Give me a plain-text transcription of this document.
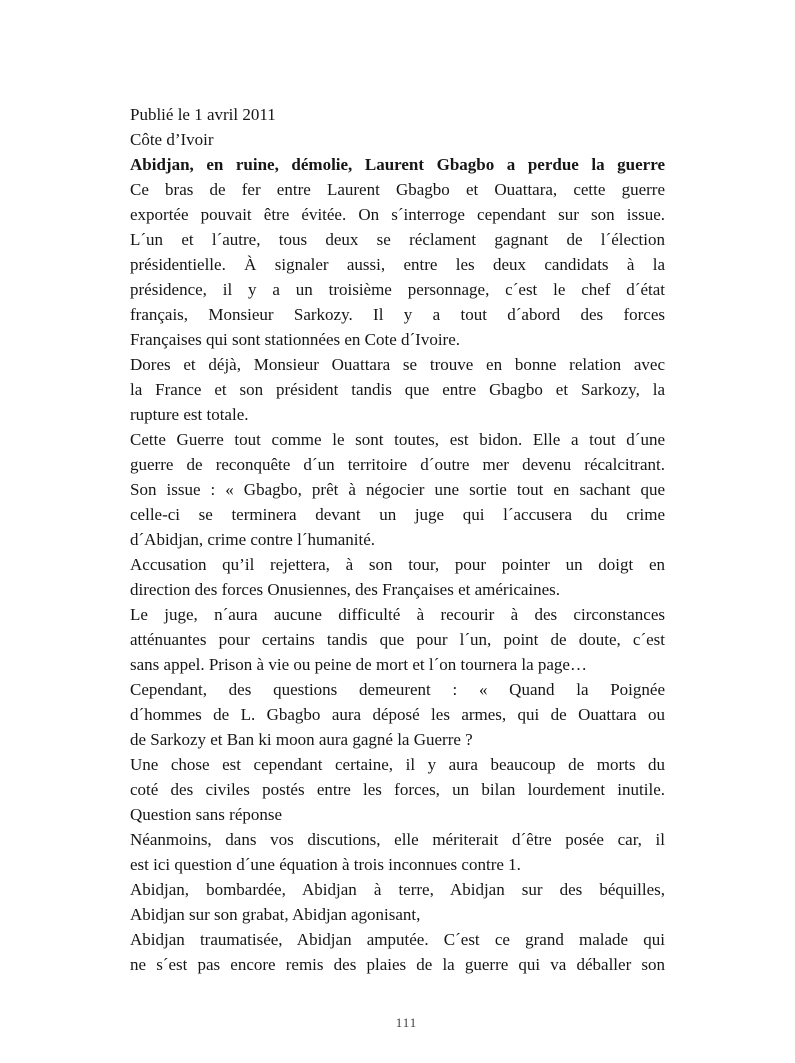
Publié le 1 avril 2011
Côte d’Ivoir
Abidjan, en ruine, démolie, Laurent Gbagbo a perdue la guerre
Ce bras de fer entre Laurent Gbagbo et Ouattara, cette guerre
exportée pouvait être évitée. On s´interroge cependant sur son issue.
L´un et l´autre, tous deux se réclament gagnant de l´élection
présidentielle. À signaler aussi, entre les deux candidats à la
présidence, il y a un troisième personnage, c´est le chef d´état
français, Monsieur Sarkozy. Il y a tout d´abord des forces
Françaises qui sont stationnées en Cote d´Ivoire.
Dores et déjà, Monsieur Ouattara se trouve en bonne relation avec
la France et son président tandis que entre Gbagbo et Sarkozy, la
rupture est totale.
Cette Guerre tout comme le sont toutes, est bidon. Elle a tout d´une
guerre de reconquête d´un territoire d´outre mer devenu récalcitrant.
Son issue : « Gbagbo, prêt à négocier une sortie tout en sachant que
celle-ci se terminera devant un juge qui l´accusera du crime
d´Abidjan, crime contre l´humanité.
Accusation qu’il rejettera, à son tour, pour pointer un doigt en
direction des forces Onusiennes, des Françaises et américaines.
Le juge, n´aura aucune difficulté à recourir à des circonstances
atténuantes pour certains tandis que pour l´un, point de doute, c´est
sans appel. Prison à vie ou peine de mort et l´on tournera la page…
Cependant, des questions demeurent : « Quand la Poignée
d´hommes de L. Gbagbo aura déposé les armes, qui de Ouattara ou
de Sarkozy et Ban ki moon aura gagné la Guerre ?
Une chose est cependant certaine, il y aura beaucoup de morts du
coté des civiles postés entre les forces, un bilan lourdement inutile.
Question sans réponse
Néanmoins, dans vos discutions, elle mériterait d´être posée car, il
est ici question d´une équation à trois inconnues contre 1.
Abidjan, bombardée, Abidjan à terre, Abidjan sur des béquilles,
Abidjan sur son grabat, Abidjan agonisant,
Abidjan traumatisée, Abidjan amputée. C´est ce grand malade qui
ne s´est pas encore remis des plaies de la guerre qui va déballer son
111
